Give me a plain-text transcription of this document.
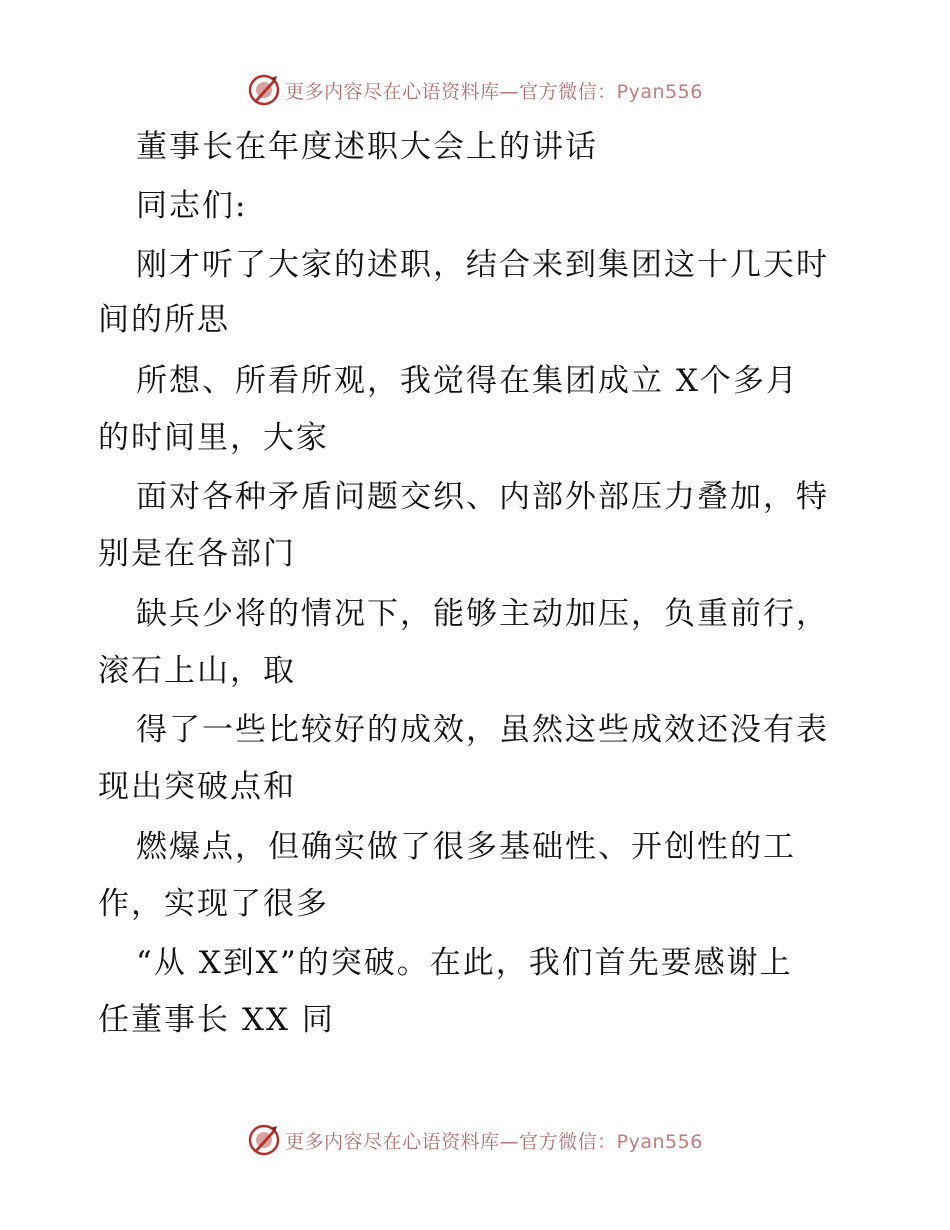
更多内容尽在心语资料库—官方微信：Pyan556
董事长在年度述职大会上的讲话
同志们:
刚才听了大家的述职，结合来到集团这十几天时
间的所思
所想、所看所观，我觉得在集团成立 X个多月
的时间里，大家
面对各种矛盾问题交织、内部外部压力叠加，特
别是在各部门
缺兵少将的情况下，能够主动加压，负重前行，
滚石上山，取
得了一些比较好的成效，虽然这些成效还没有表
现出突破点和
燃爆点，但确实做了很多基础性、开创性的工
作，实现了很多
“从 X到X”的突破。在此，我们首先要感谢上
任董事长 XX 同
更多内容尽在心语资料库—官方微信：Pyan556
